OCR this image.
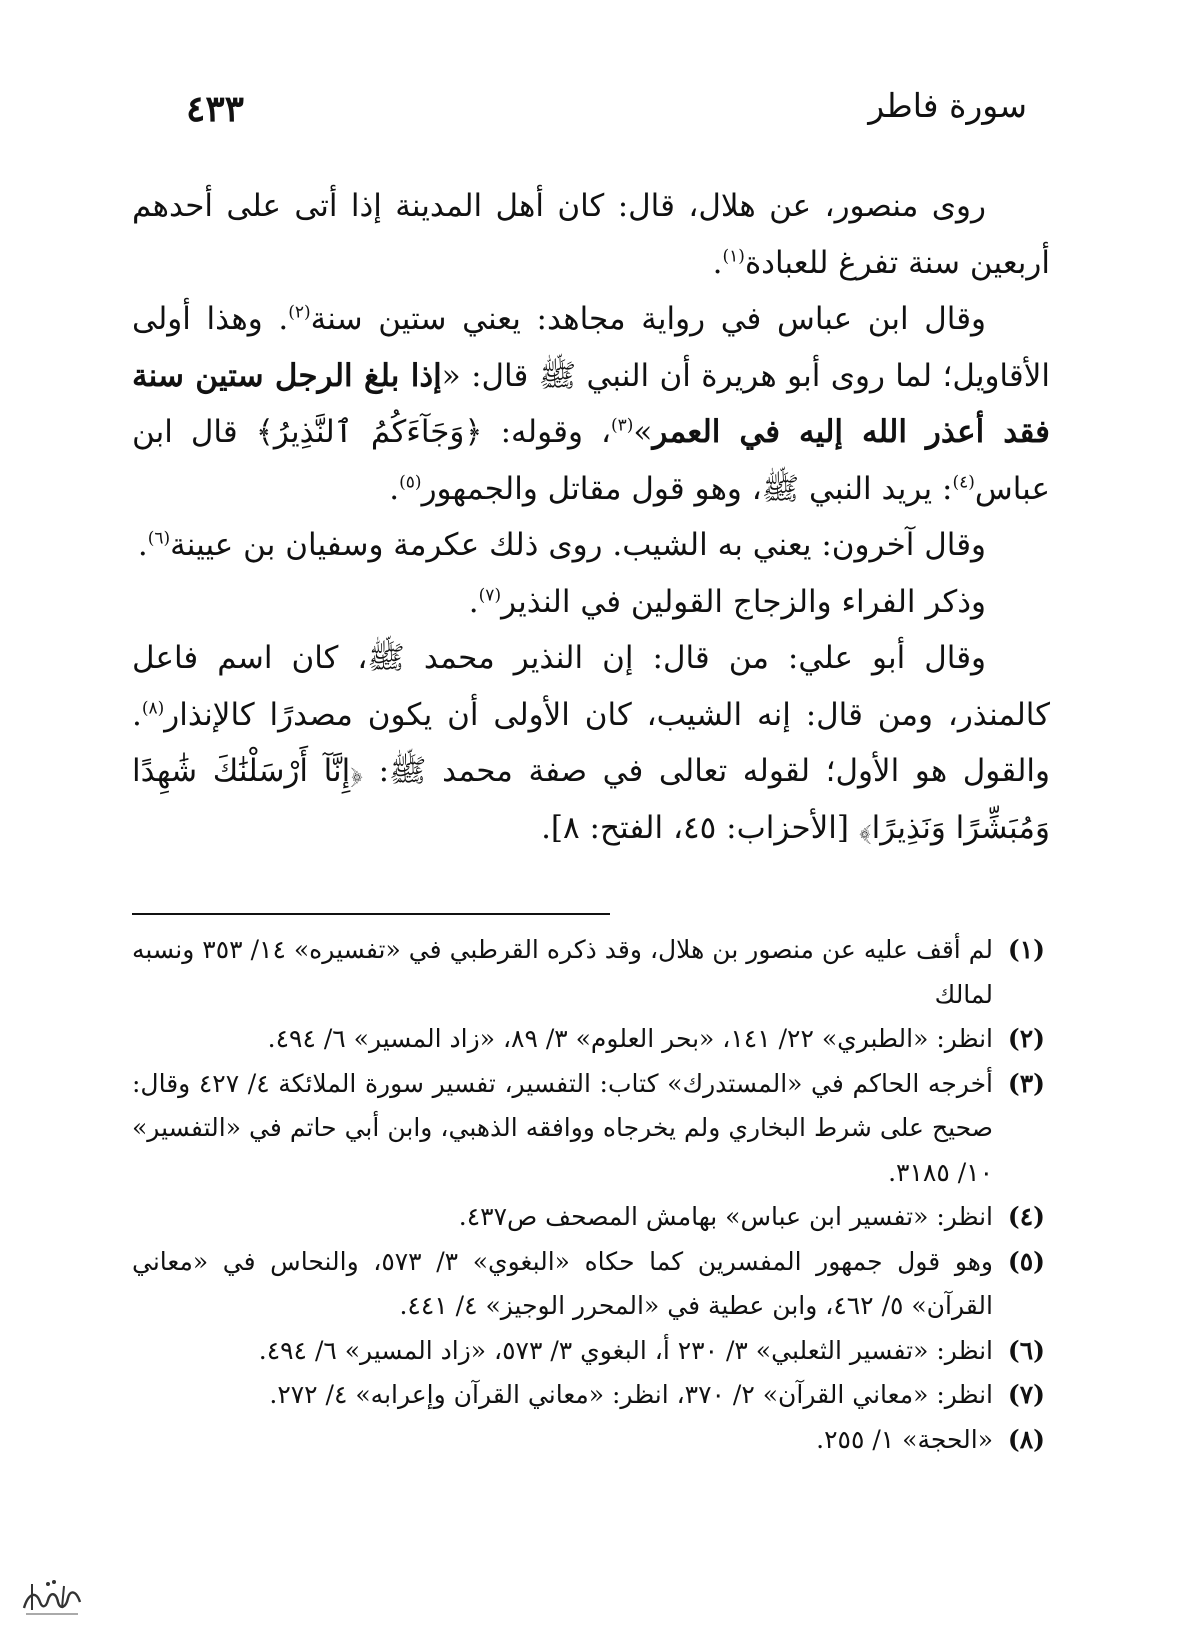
سورة فاطر
٤٣٣

روى منصور، عن هلال، قال: كان أهل المدينة إذا أتى على أحدهم أربعين سنة تفرغ للعبادة$^{(١)}$.

وقال ابن عباس في رواية مجاهد: يعني ستين سنة$^{(٢)}$. وهذا أولى الأقاويل؛ لما روى أبو هريرة أن النبي ﷺ قال: «إذا بلغ الرجل ستين سنة فقد أعذر الله إليه في العمر»$^{(٣)}$، وقوله: ﴿وَجَآءَكُمُ ٱلنَّذِيرُ﴾ قال ابن عباس$^{(٤)}$: يريد النبي ﷺ، وهو قول مقاتل والجمهور$^{(٥)}$.

وقال آخرون: يعني به الشيب. روى ذلك عكرمة وسفيان بن عيينة$^{(٦)}$.

وذكر الفراء والزجاج القولين في النذير$^{(٧)}$.

وقال أبو علي: من قال: إن النذير محمد ﷺ، كان اسم فاعل كالمنذر، ومن قال: إنه الشيب، كان الأولى أن يكون مصدرًا كالإنذار$^{(٨)}$. والقول هو الأول؛ لقوله تعالى في صفة محمد ﷺ: ﴿إِنَّآ أَرْسَلْنَٰكَ شَٰهِدًا وَمُبَشِّرًا وَنَذِيرًا﴾ [الأحزاب: ٤٥، الفتح: ٨].

(١)
لم أقف عليه عن منصور بن هلال، وقد ذكره القرطبي في «تفسيره» ١٤/ ٣٥٣ ونسبه لمالك
(٢)
انظر: «الطبري» ٢٢/ ١٤١، «بحر العلوم» ٣/ ٨٩، «زاد المسير» ٦/ ٤٩٤.
(٣)
أخرجه الحاكم في «المستدرك» كتاب: التفسير، تفسير سورة الملائكة ٤/ ٤٢٧ وقال: صحيح على شرط البخاري ولم يخرجاه ووافقه الذهبي، وابن أبي حاتم في «التفسير» ١٠/ ٣١٨٥.
(٤)
انظر: «تفسير ابن عباس» بهامش المصحف ص٤٣٧.
(٥)
وهو قول جمهور المفسرين كما حكاه «البغوي» ٣/ ٥٧٣، والنحاس في «معاني القرآن» ٥/ ٤٦٢، وابن عطية في «المحرر الوجيز» ٤/ ٤٤١.
(٦)
انظر: «تفسير الثعلبي» ٣/ ٢٣٠ أ، البغوي ٣/ ٥٧٣، «زاد المسير» ٦/ ٤٩٤.
(٧)
انظر: «معاني القرآن» ٢/ ٣٧٠، انظر: «معاني القرآن وإعرابه» ٤/ ٢٧٢.
(٨)
«الحجة» ١/ ٢٥٥.
